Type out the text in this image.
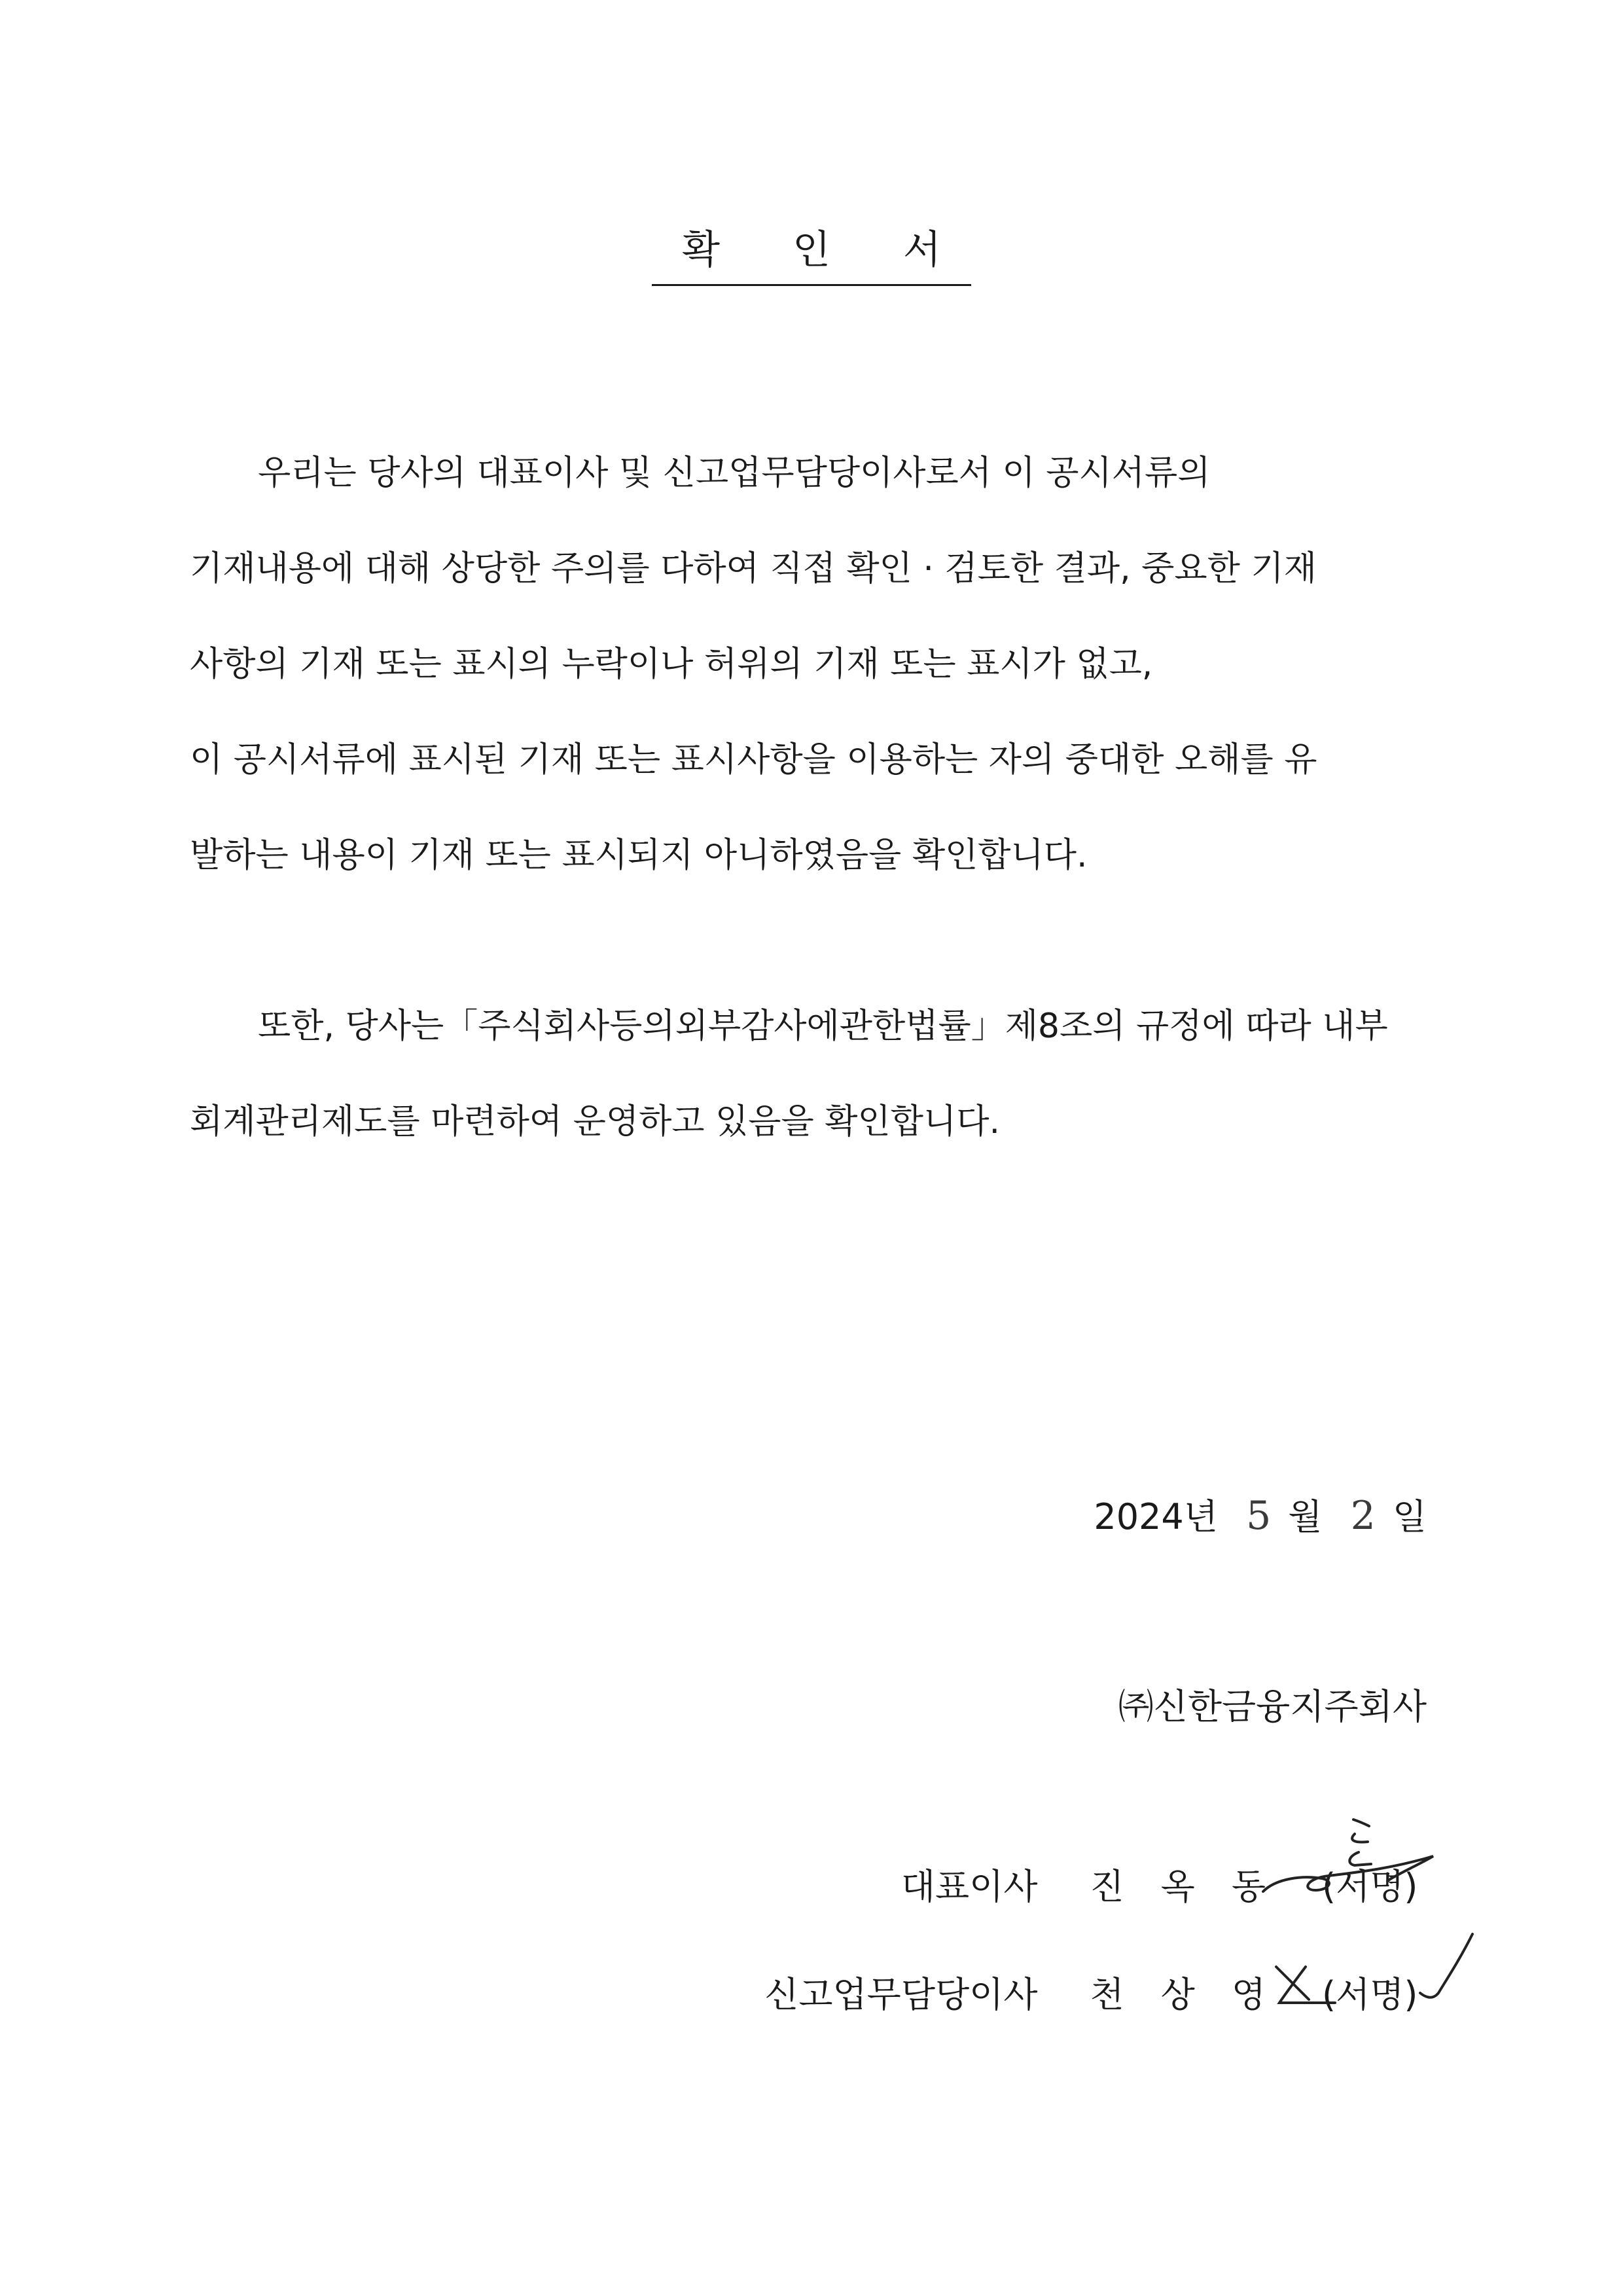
확 인 서

우리는 당사의 대표이사 및 신고업무담당이사로서 이 공시서류의
기재내용에 대해 상당한 주의를 다하여 직접 확인 · 검토한 결과, 중요한 기재
사항의 기재 또는 표시의 누락이나 허위의 기재 또는 표시가 없고,
이 공시서류에 표시된 기재 또는 표시사항을 이용하는 자의 중대한 오해를 유
발하는 내용이 기재 또는 표시되지 아니하였음을 확인합니다.

또한, 당사는「주식회사등의외부감사에관한법률」제8조의 규정에 따라 내부
회계관리제도를 마련하여 운영하고 있음을 확인합니다.

2024년 5 월 2 일
㈜신한금융지주회사
대표이사 진옥동 (서명)
신고업무담당이사 천상영 (서명)
